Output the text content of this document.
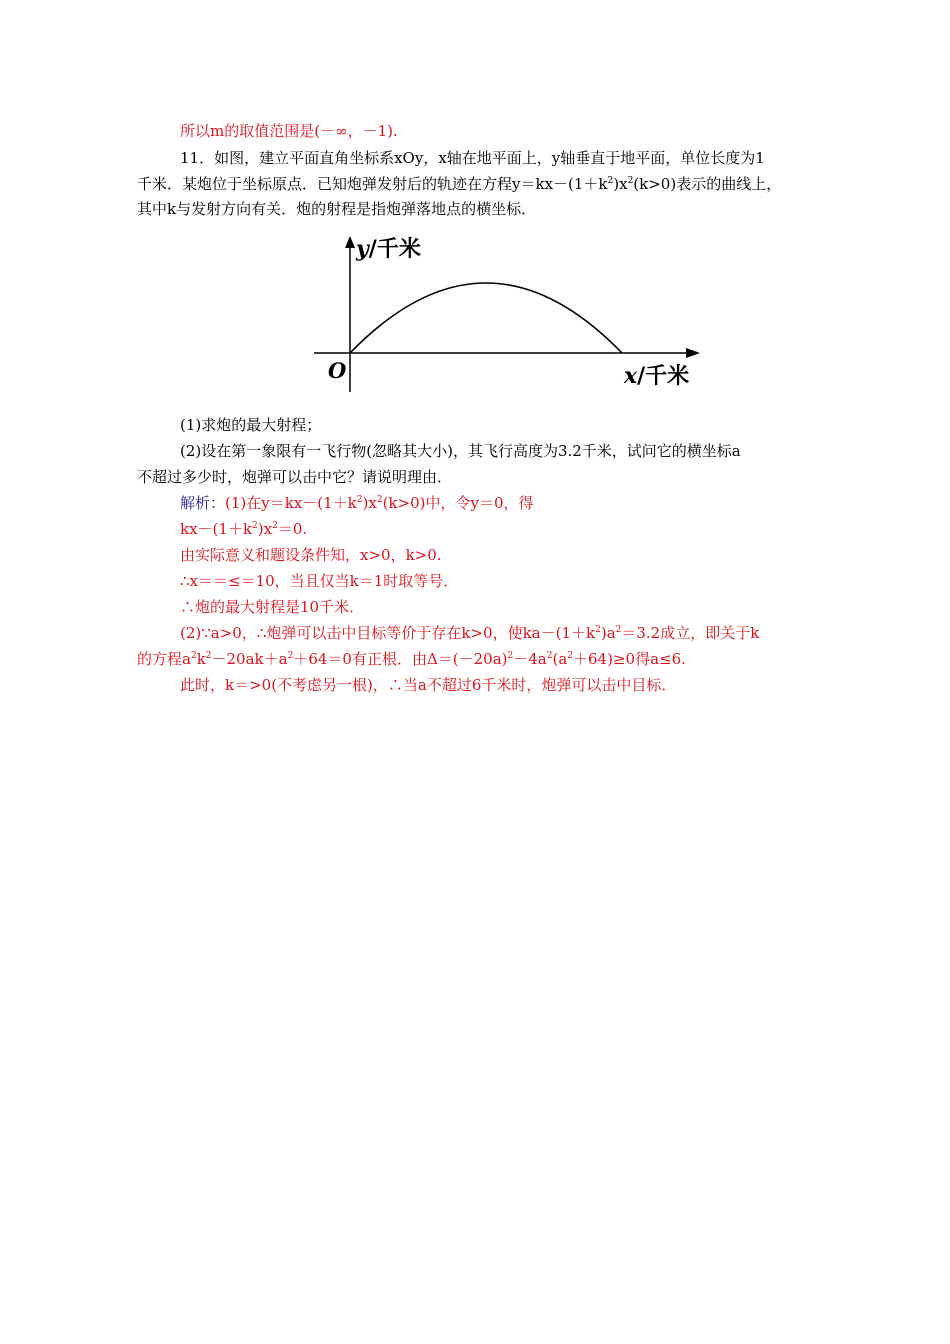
所以m的取值范围是(－∞，－1).
11．如图，建立平面直角坐标系xOy，x轴在地平面上，y轴垂直于地平面，单位长度为1
千米．某炮位于坐标原点．已知炮弹发射后的轨迹在方程$y=kx-(1+k^2)x^2(k>0)$表示的曲线上，
其中k与发射方向有关．炮的射程是指炮弹落地点的横坐标．
y/千米
x/千米
O
(1)求炮的最大射程；
(2)设在第一象限有一飞行物(忽略其大小)，其飞行高度为3.2千米，试问它的横坐标a
不超过多少时，炮弹可以击中它？请说明理由．
解析：(1)在$y=kx-(1+k^2)x^2(k>0)$中，令y＝0，得
$kx-(1+k^2)x^2=0$.
由实际意义和题设条件知，x>0，k>0.
∴x＝＝≤＝10，当且仅当k＝1时取等号．
∴炮的最大射程是10千米．
(2)∵a>0，∴炮弹可以击中目标等价于存在k>0，使$ka-(1+k^2)a^2=3.2$成立，即关于k
的方程$a^2k^2-20ak+a^2+64=0$有正根．由$\Delta=(-20a)^2-4a^2(a^2+64)\ge 0$得a≤6.
此时，k＝>0(不考虑另一根)，∴当a不超过6千米时，炮弹可以击中目标．
